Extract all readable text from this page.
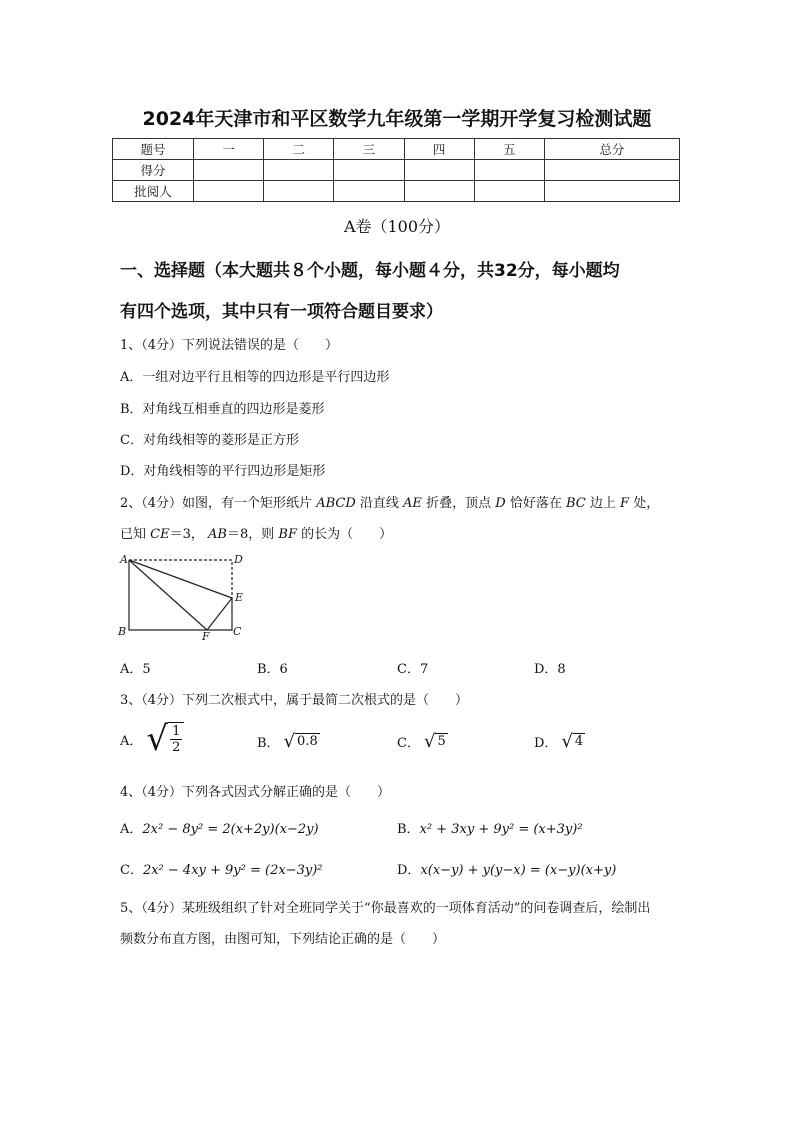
2024年天津市和平区数学九年级第一学期开学复习检测试题
题号	一	二	三	四	五	总分
得分						
批阅人						
A卷（100分）
一、选择题（本大题共８个小题，每小题４分，共32分，每小题均
有四个选项，其中只有一项符合题目要求）
1、（4分）下列说法错误的是（　　）
A．一组对边平行且相等的四边形是平行四边形
B．对角线互相垂直的四边形是菱形
C．对角线相等的菱形是正方形
D．对角线相等的平行四边形是矩形
2、（4分）如图，有一个矩形纸片 ABCD 沿直线 AE 折叠，顶点 D 恰好落在 BC 边上 F 处，
已知 CE＝3， AB＝8，则 BF 的长为（　　）
A	D
E
B	C
F
A．5	B．6	C．7	D．8
3、（4分）下列二次根式中，属于最简二次根式的是（　　）
A． √ $\frac{1}{2}$	B． √ 0.8	C． √ 5	D． √ 4
4、（4分）下列各式因式分解正确的是（　　）
A．2x² − 8y² = 2(x+2y)(x−2y)	B．x² + 3xy + 9y² = (x+3y)²
C．2x² − 4xy + 9y² = (2x−3y)²	D．x(x−y) + y(y−x) = (x−y)(x+y)
5、（4分）某班级组织了针对全班同学关于“你最喜欢的一项体育活动”的问卷调查后，绘制出
频数分布直方图，由图可知，下列结论正确的是（　　）
